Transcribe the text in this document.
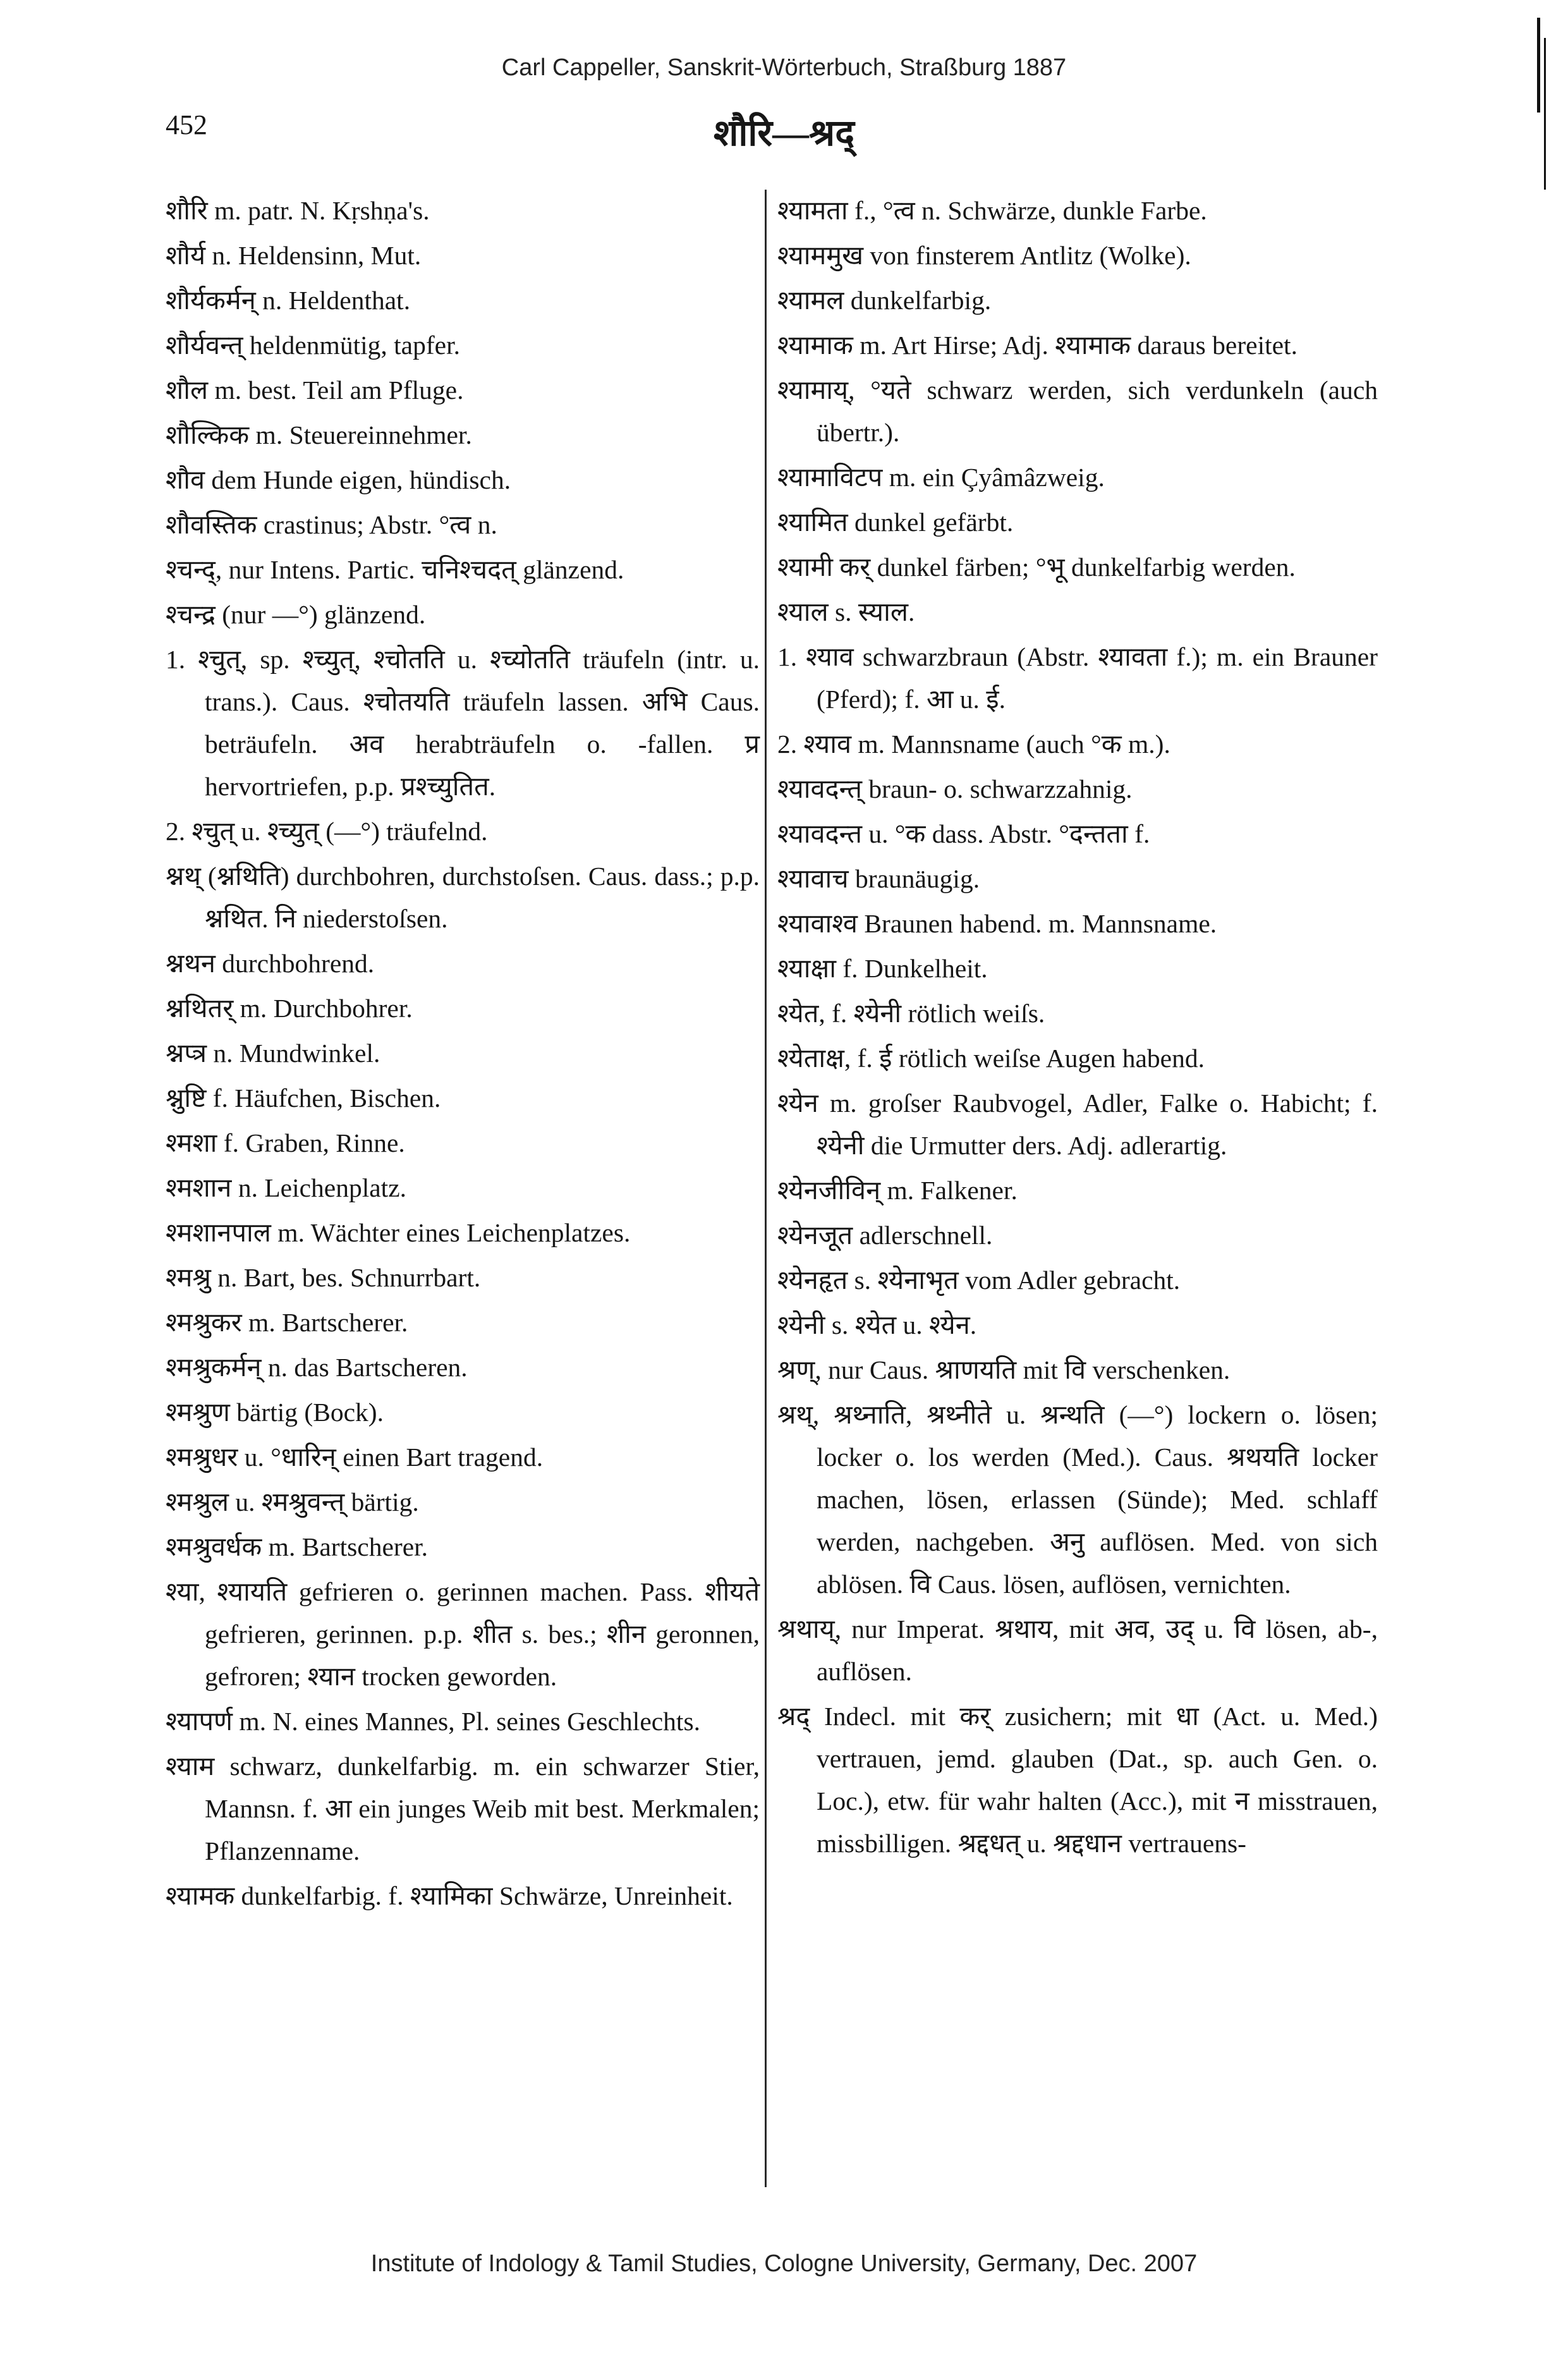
Carl Cappeller, Sanskrit-Wörterbuch, Straßburg 1887
452	शौरि—श्रद्

शौरि m. patr. N. Kṛshṇa's.

शौर्य n. Heldensinn, Mut.

शौर्यकर्मन् n. Heldenthat.

शौर्यवन्त् heldenmütig, tapfer.

शौल m. best. Teil am Pfluge.

शौल्किक m. Steuereinnehmer.

शौव dem Hunde eigen, hündisch.

शौवस्तिक crastinus; Abstr. °त्व n.

श्चन्द्, nur Intens. Partic. चनिश्चदत् glänzend.

श्चन्द्र (nur —°) glänzend.

1. श्चुत्, sp. श्च्युत्, श्चोतति u. श्च्योतति träufeln (intr. u. trans.). Caus. श्चोतयति träufeln lassen. अभि Caus. beträufeln. अव herabträufeln o. -fallen. प्र hervortriefen, p.p. प्रश्च्युतित.

2. श्चुत् u. श्च्युत् (—°) träufelnd.

श्नथ् (श्नथिति) durchbohren, durchstoſsen. Caus. dass.; p.p. श्नथित. नि niederstoſsen.

श्नथन durchbohrend.

श्नथितर् m. Durchbohrer.

श्नप्त्र n. Mundwinkel.

श्नुष्टि f. Häufchen, Bischen.

श्मशा f. Graben, Rinne.

श्मशान n. Leichenplatz.

श्मशानपाल m. Wächter eines Leichenplatzes.

श्मश्रु n. Bart, bes. Schnurrbart.

श्मश्रुकर m. Bartscherer.

श्मश्रुकर्मन् n. das Bartscheren.

श्मश्रुण bärtig (Bock).

श्मश्रुधर u. °धारिन् einen Bart tragend.

श्मश्रुल u. श्मश्रुवन्त् bärtig.

श्मश्रुवर्धक m. Bartscherer.

श्या, श्यायति gefrieren o. gerinnen machen. Pass. शीयते gefrieren, gerinnen. p.p. शीत s. bes.; शीन geronnen, gefroren; श्यान trocken geworden.

श्यापर्ण m. N. eines Mannes, Pl. seines Geschlechts.

श्याम schwarz, dunkelfarbig. m. ein schwarzer Stier, Mannsn. f. आ ein junges Weib mit best. Merkmalen; Pflanzenname.

श्यामक dunkelfarbig. f. श्यामिका Schwärze, Unreinheit.

श्यामता f., °त्व n. Schwärze, dunkle Farbe.

श्याममुख von finsterem Antlitz (Wolke).

श्यामल dunkelfarbig.

श्यामाक m. Art Hirse; Adj. श्यामाक daraus bereitet.

श्यामाय्, °यते schwarz werden, sich verdunkeln (auch übertr.).

श्यामाविटप m. ein Çyâmâzweig.

श्यामित dunkel gefärbt.

श्यामी कर् dunkel färben; °भू dunkelfarbig werden.

श्याल s. स्याल.

1. श्याव schwarzbraun (Abstr. श्यावता f.); m. ein Brauner (Pferd); f. आ u. ई.

2. श्याव m. Mannsname (auch °क m.).

श्यावदन्त् braun- o. schwarzzahnig.

श्यावदन्त u. °क dass. Abstr. °दन्तता f.

श्यावाच braunäugig.

श्यावाश्व Braunen habend. m. Mannsname.

श्याक्षा f. Dunkelheit.

श्येत, f. श्येनी rötlich weiſs.

श्येताक्ष, f. ई rötlich weiſse Augen habend.

श्येन m. groſser Raubvogel, Adler, Falke o. Habicht; f. श्येनी die Urmutter ders. Adj. adlerartig.

श्येनजीविन् m. Falkener.

श्येनजूत adlerschnell.

श्येनहृत s. श्येनाभृत vom Adler gebracht.

श्येनी s. श्येत u. श्येन.

श्रण्, nur Caus. श्राणयति mit वि verschenken.

श्रथ्, श्रथ्नाति, श्रथ्नीते u. श्रन्थति (—°) lockern o. lösen; locker o. los werden (Med.). Caus. श्रथयति locker machen, lösen, erlassen (Sünde); Med. schlaff werden, nachgeben. अनु auflösen. Med. von sich ablösen. वि Caus. lösen, auflösen, vernichten.

श्रथाय्, nur Imperat. श्रथाय, mit अव, उद् u. वि lösen, ab-, auflösen.

श्रद् Indecl. mit कर् zusichern; mit धा (Act. u. Med.) vertrauen, jemd. glauben (Dat., sp. auch Gen. o. Loc.), etw. für wahr halten (Acc.), mit न misstrauen, missbilligen. श्रद्दधत् u. श्रद्दधान vertrauens-

Institute of Indology & Tamil Studies, Cologne University, Germany, Dec. 2007
